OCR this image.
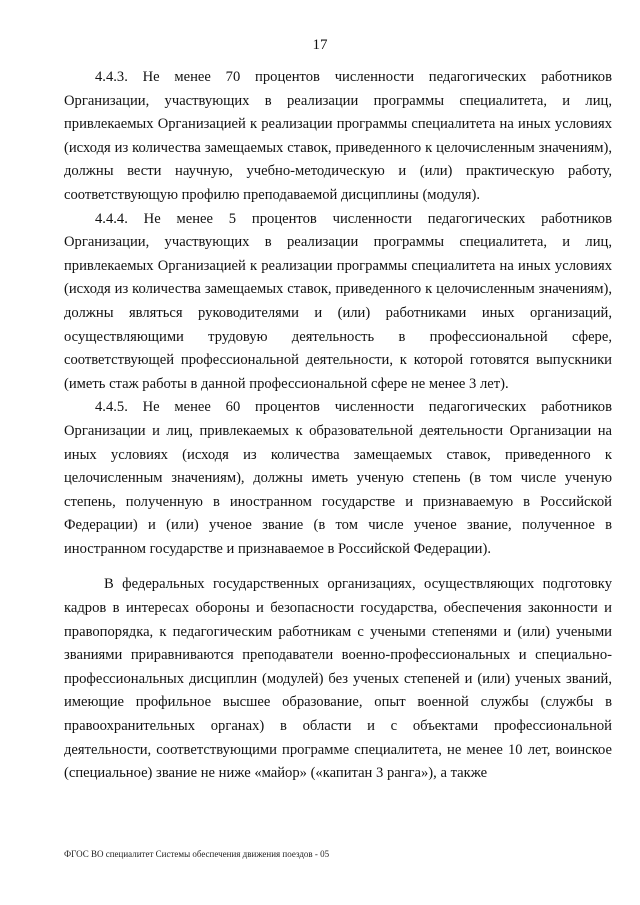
17

4.4.3. Не менее 70 процентов численности педагогических работников Организации, участвующих в реализации программы специалитета, и лиц, привлекаемых Организацией к реализации программы специалитета на иных условиях (исходя из количества замещаемых ставок, приведенного к целочисленным значениям), должны вести научную, учебно-методическую и (или) практическую работу, соответствующую профилю преподаваемой дисциплины (модуля).

4.4.4. Не менее 5 процентов численности педагогических работников Организации, участвующих в реализации программы специалитета, и лиц, привлекаемых Организацией к реализации программы специалитета на иных условиях (исходя из количества замещаемых ставок, приведенного к целочисленным значениям), должны являться руководителями и (или) работниками иных организаций, осуществляющими трудовую деятельность в профессиональной сфере, соответствующей профессиональной деятельности, к которой готовятся выпускники (иметь стаж работы в данной профессиональной сфере не менее 3 лет).

4.4.5. Не менее 60 процентов численности педагогических работников Организации и лиц, привлекаемых к образовательной деятельности Организации на иных условиях (исходя из количества замещаемых ставок, приведенного к целочисленным значениям), должны иметь ученую степень (в том числе ученую степень, полученную в иностранном государстве и признаваемую в Российской Федерации) и (или) ученое звание (в том числе ученое звание, полученное в иностранном государстве и признаваемое в Российской Федерации).

В федеральных государственных организациях, осуществляющих подготовку кадров в интересах обороны и безопасности государства, обеспечения законности и правопорядка, к педагогическим работникам с учеными степенями и (или) учеными званиями приравниваются преподаватели военно-профессиональных и специально-профессиональных дисциплин (модулей) без ученых степеней и (или) ученых званий, имеющие профильное высшее образование, опыт военной службы (службы в правоохранительных органах) в области и с объектами профессиональной деятельности, соответствующими программе специалитета, не менее 10 лет, воинское (специальное) звание не ниже «майор» («капитан 3 ранга»), а также

ФГОС ВО специалитет Системы обеспечения движения поездов - 05
